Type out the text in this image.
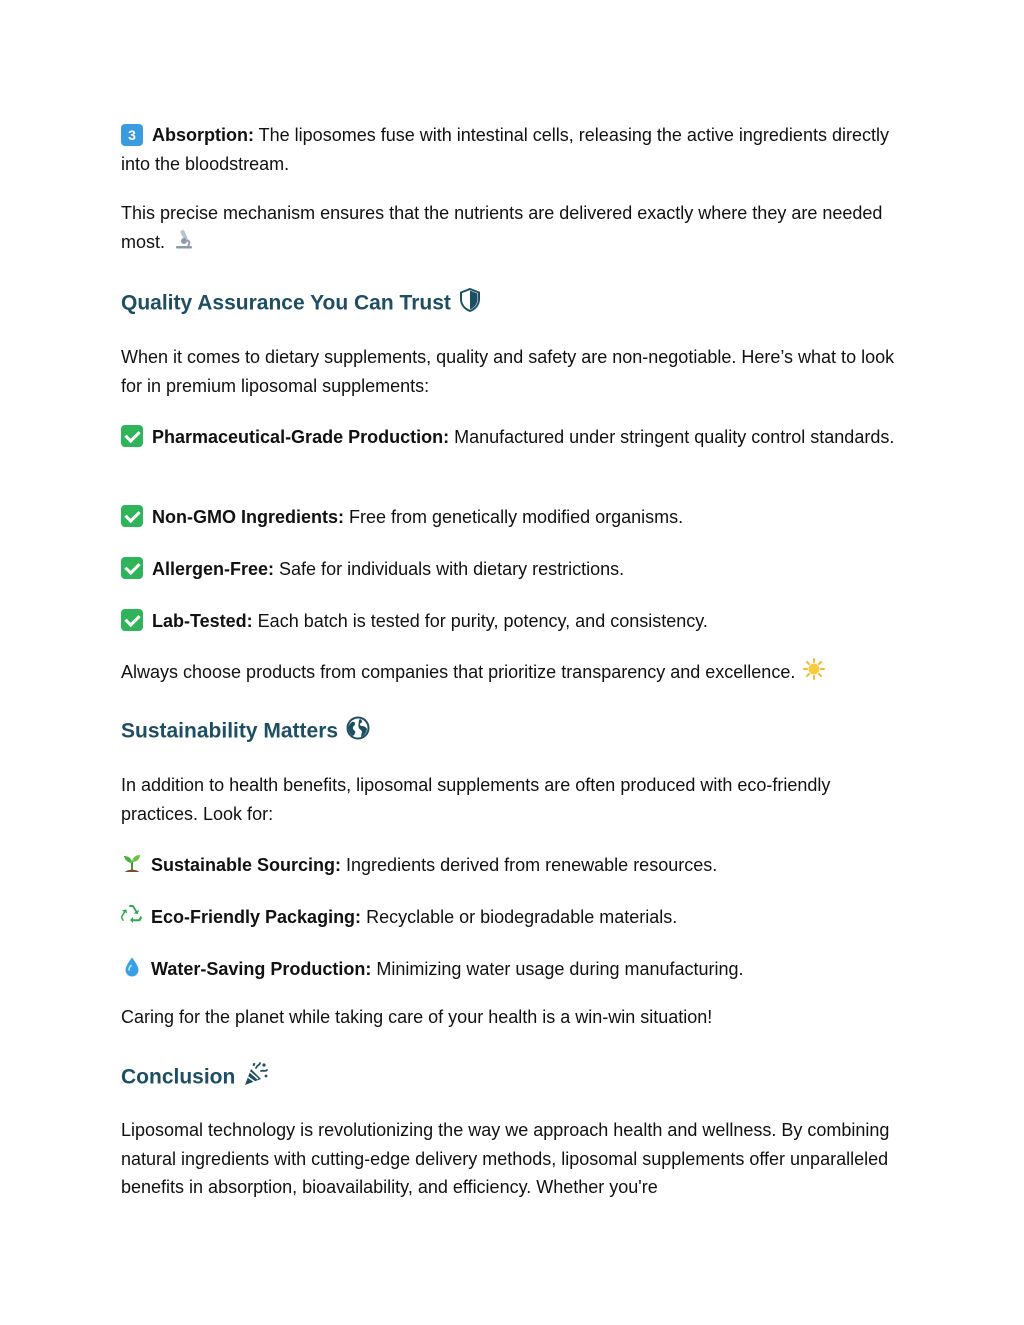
3 Absorption: The liposomes fuse with intestinal cells, releasing the active ingredients directly into the bloodstream.
This precise mechanism ensures that the nutrients are delivered exactly where they are needed most.
Quality Assurance You Can Trust
When it comes to dietary supplements, quality and safety are non-negotiable. Here’s what to look for in premium liposomal supplements:
Pharmaceutical-Grade Production: Manufactured under stringent quality control standards.
Non-GMO Ingredients: Free from genetically modified organisms.
Allergen-Free: Safe for individuals with dietary restrictions.
Lab-Tested: Each batch is tested for purity, potency, and consistency.
Always choose products from companies that prioritize transparency and excellence.
Sustainability Matters
In addition to health benefits, liposomal supplements are often produced with eco-friendly practices. Look for:
Sustainable Sourcing: Ingredients derived from renewable resources.
Eco-Friendly Packaging: Recyclable or biodegradable materials.
Water-Saving Production: Minimizing water usage during manufacturing.
Caring for the planet while taking care of your health is a win-win situation!
Conclusion
Liposomal technology is revolutionizing the way we approach health and wellness. By combining natural ingredients with cutting-edge delivery methods, liposomal supplements offer unparalleled benefits in absorption, bioavailability, and efficiency. Whether you're
